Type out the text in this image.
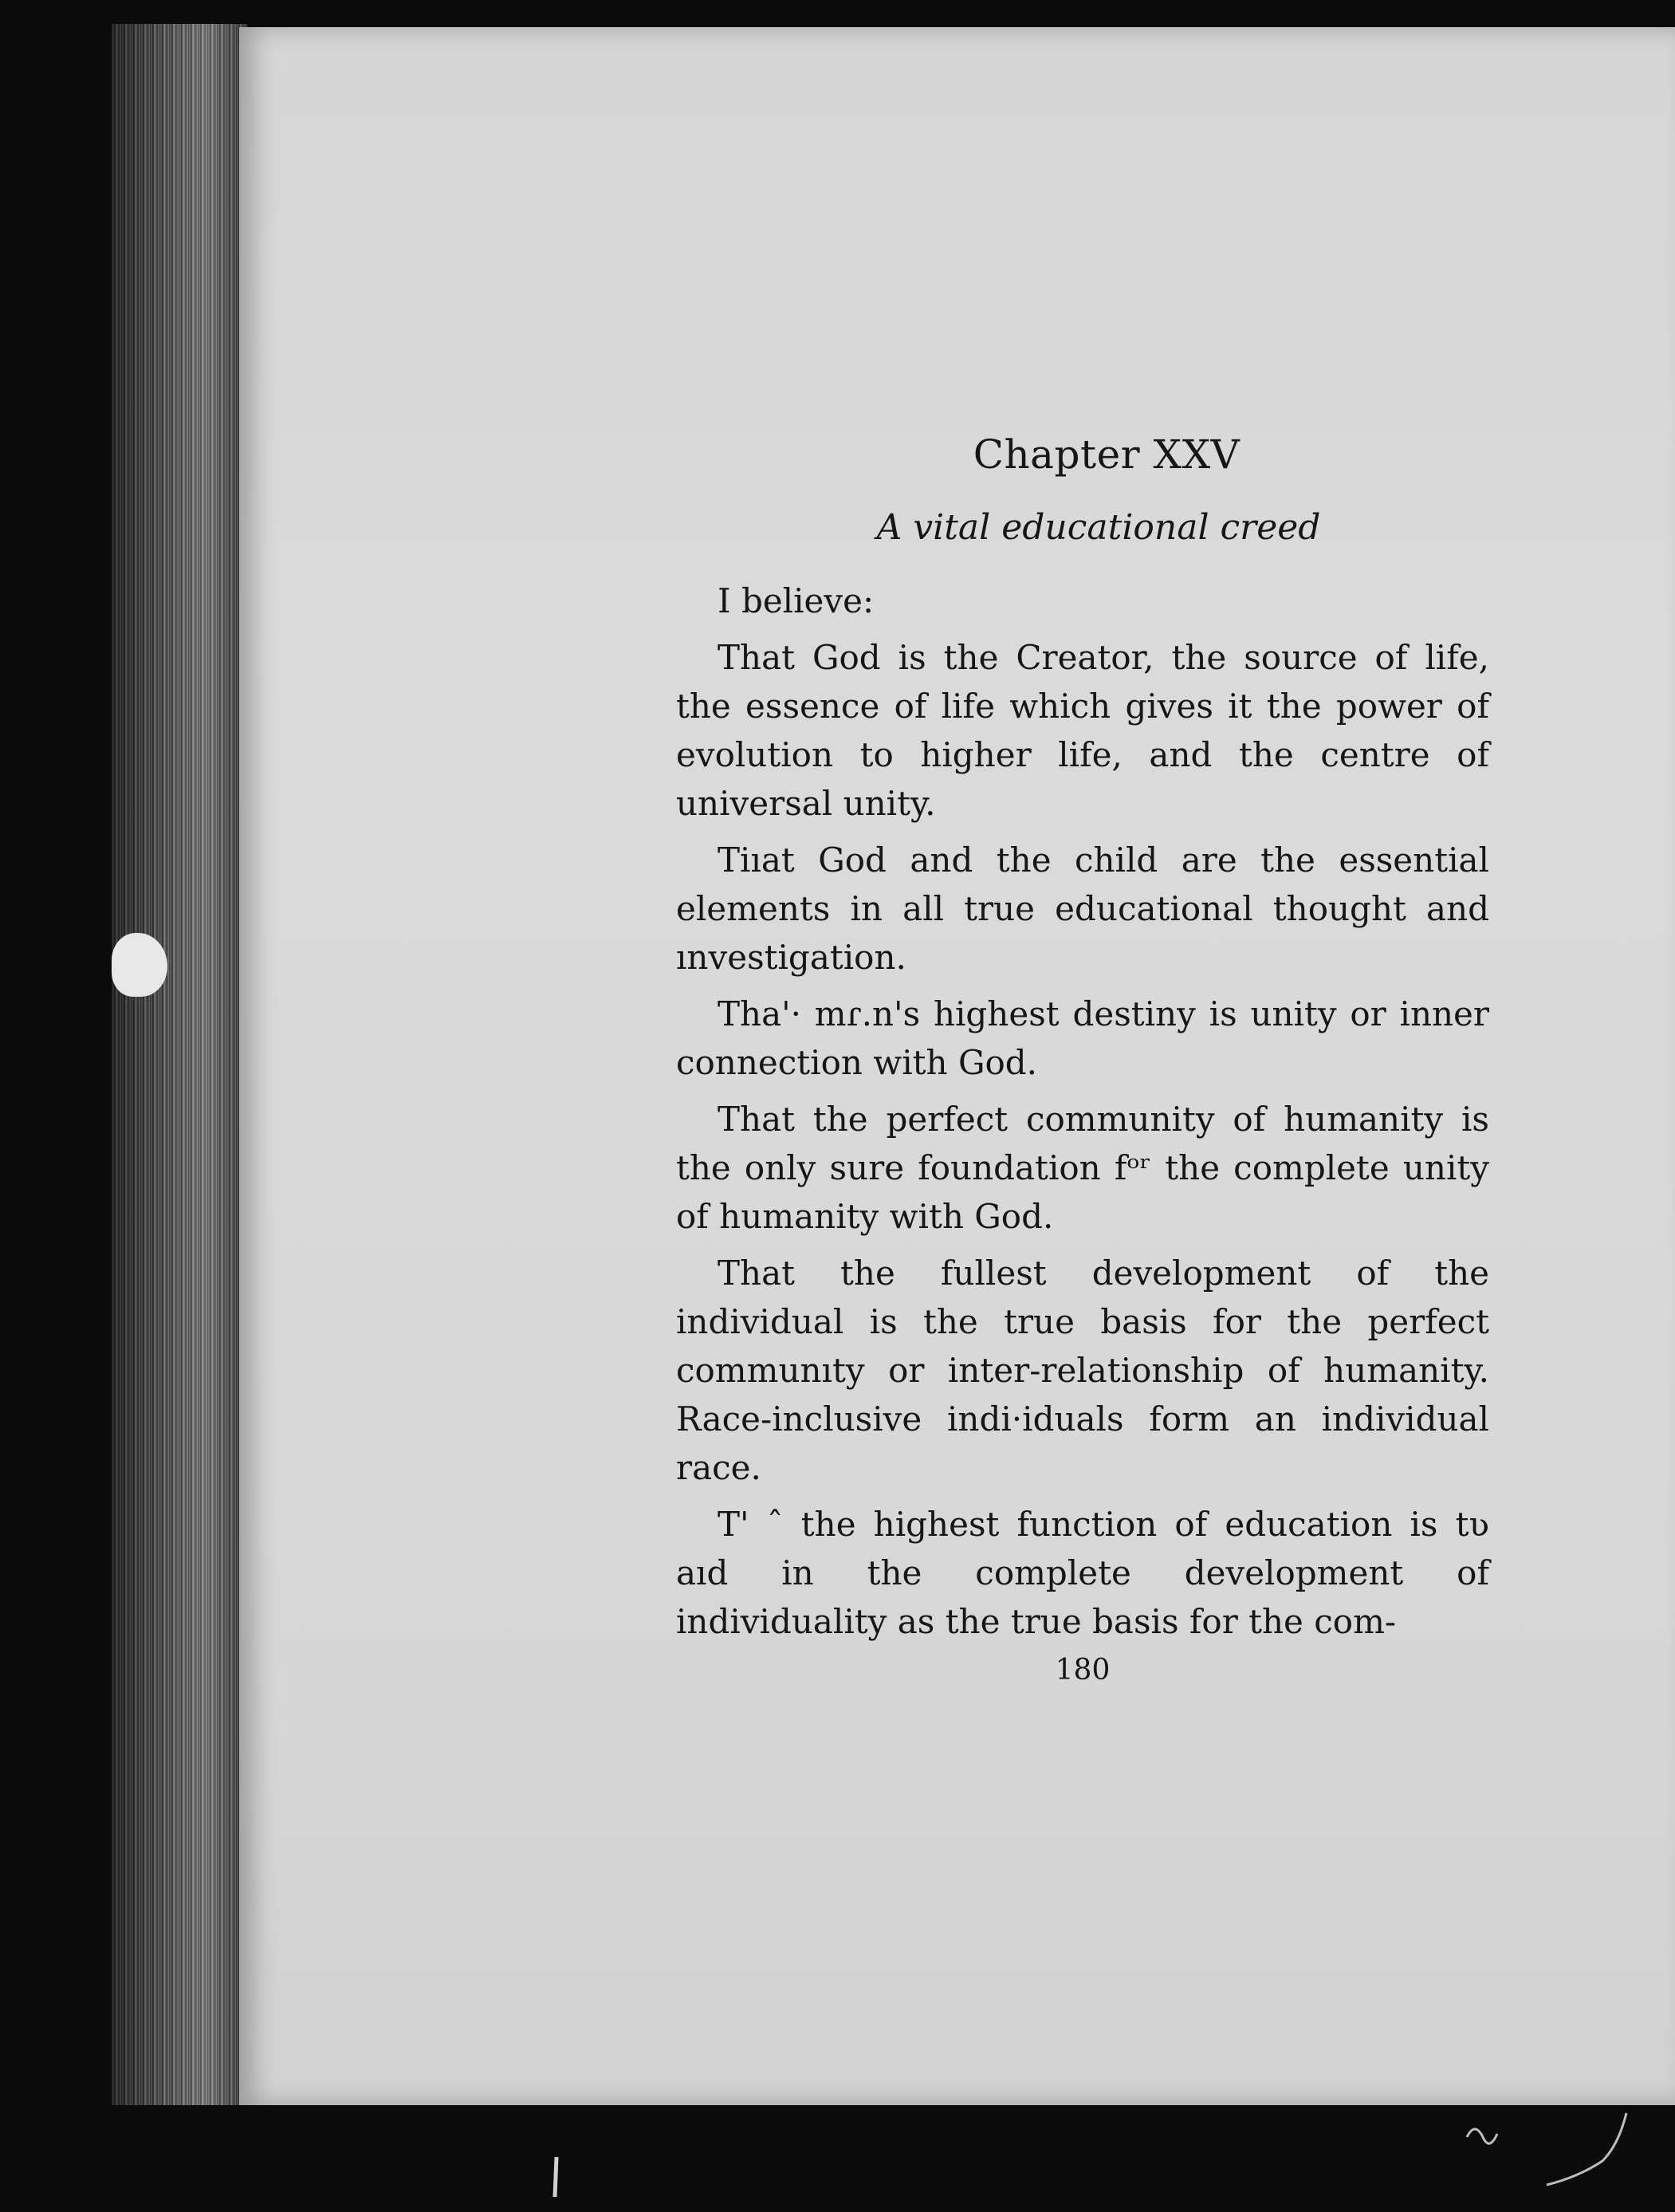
Chapter XXV
A vital educational creed

I believe:

That God is the Creator, the source of life, the essence of life which gives it the power of evolution to higher life, and the centre of universal unity.

Tiıat God and the child are the essential elements in all true educational thought and ınvestigation.

Tha'· mɾ.n's highest destiny is unity or inner connection with God.

That the perfect community of humanity is the only sure foundation fᵒʳ the complete unity of humanity with God.

That the fullest development of the individual is the true basis for the perfect communıty or inter-relationship of humanity. Race-inclusive indi·iduals form an individual race.

T' ˆ the highest function of education is tʋ aıd in the complete development of individuality as the true basis for the com-

180
